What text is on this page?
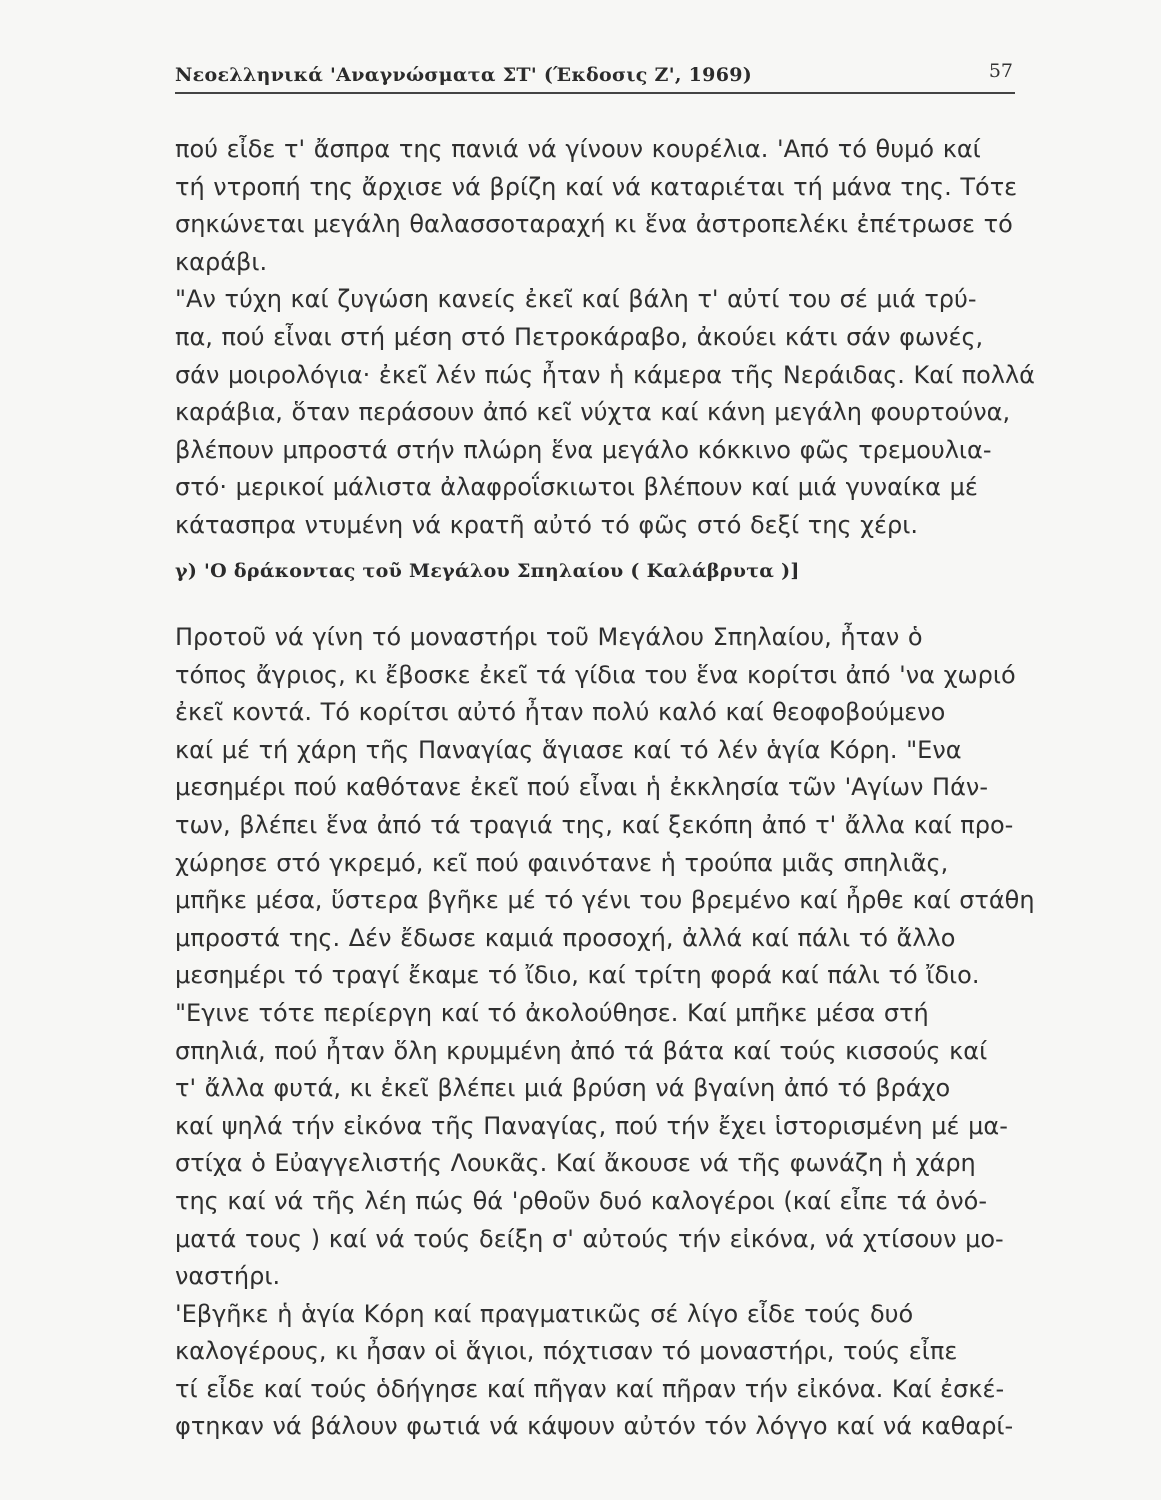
Νεοελληνικά 'Αναγνώσματα ΣΤ' (Έκδοσις Ζ', 1969)	57
πού εἶδε τ' ἄσπρα της πανιά νά γίνουν κουρέλια. 'Από τό θυμό καί
τή ντροπή της ἄρχισε νά βρίζη καί νά καταριέται τή μάνα της. Τότε
σηκώνεται μεγάλη θαλασσοταραχή κι ἕνα ἀστροπελέκι ἐπέτρωσε τό
καράβι.
"Αν τύχη καί ζυγώση κανείς ἐκεῖ καί βάλη τ' αὐτί του σέ μιά τρύ-
πα, πού εἶναι στή μέση στό Πετροκάραβο, ἀκούει κάτι σάν φωνές,
σάν μοιρολόγια· ἐκεῖ λέν πώς ἦταν ἡ κάμερα τῆς Νεράιδας. Καί πολλά
καράβια, ὅταν περάσουν ἀπό κεῖ νύχτα καί κάνη μεγάλη φουρτούνα,
βλέπουν μπροστά στήν πλώρη ἕνα μεγάλο κόκκινο φῶς τρεμουλια-
στό· μερικοί μάλιστα ἀλαφροΐσκιωτοι βλέπουν καί μιά γυναίκα μέ
κάτασπρα ντυμένη νά κρατῆ αὐτό τό φῶς στό δεξί της χέρι.
γ) 'Ο δράκοντας τοῦ Μεγάλου Σπηλαίου ( Καλάβρυτα )]
Προτοῦ νά γίνη τό μοναστήρι τοῦ Μεγάλου Σπηλαίου, ἦταν ὁ
τόπος ἄγριος, κι ἔβοσκε ἐκεῖ τά γίδια του ἕνα κορίτσι ἀπό 'να χωριό
ἐκεῖ κοντά. Τό κορίτσι αὐτό ἦταν πολύ καλό καί θεοφοβούμενο
καί μέ τή χάρη τῆς Παναγίας ἅγιασε καί τό λέν ἁγία Κόρη. "Ενα
μεσημέρι πού καθότανε ἐκεῖ πού εἶναι ἡ ἐκκλησία τῶν 'Αγίων Πάν-
των, βλέπει ἕνα ἀπό τά τραγιά της, καί ξεκόπη ἀπό τ' ἄλλα καί προ-
χώρησε στό γκρεμό, κεῖ πού φαινότανε ἡ τρούπα μιᾶς σπηλιᾶς,
μπῆκε μέσα, ὕστερα βγῆκε μέ τό γένι του βρεμένο καί ἦρθε καί στάθη
μπροστά της. Δέν ἔδωσε καμιά προσοχή, ἀλλά καί πάλι τό ἄλλο
μεσημέρι τό τραγί ἔκαμε τό ἴδιο, καί τρίτη φορά καί πάλι τό ἴδιο.
"Εγινε τότε περίεργη καί τό ἀκολούθησε. Καί μπῆκε μέσα στή
σπηλιά, πού ἦταν ὅλη κρυμμένη ἀπό τά βάτα καί τούς κισσούς καί
τ' ἄλλα φυτά, κι ἐκεῖ βλέπει μιά βρύση νά βγαίνη ἀπό τό βράχο
καί ψηλά τήν εἰκόνα τῆς Παναγίας, πού τήν ἔχει ἱστορισμένη μέ μα-
στίχα ὁ Εὐαγγελιστής Λουκᾶς. Καί ἄκουσε νά τῆς φωνάζη ἡ χάρη
της καί νά τῆς λέη πώς θά 'ρθοῦν δυό καλογέροι (καί εἶπε τά ὀνό-
ματά τους ) καί νά τούς δείξη σ' αὐτούς τήν εἰκόνα, νά χτίσουν μο-
ναστήρι.
'Εβγῆκε ἡ ἁγία Κόρη καί πραγματικῶς σέ λίγο εἶδε τούς δυό
καλογέρους, κι ἦσαν οἱ ἅγιοι, πόχτισαν τό μοναστήρι, τούς εἶπε
τί εἶδε καί τούς ὁδήγησε καί πῆγαν καί πῆραν τήν εἰκόνα. Καί ἐσκέ-
φτηκαν νά βάλουν φωτιά νά κάψουν αὐτόν τόν λόγγο καί νά καθαρί-
